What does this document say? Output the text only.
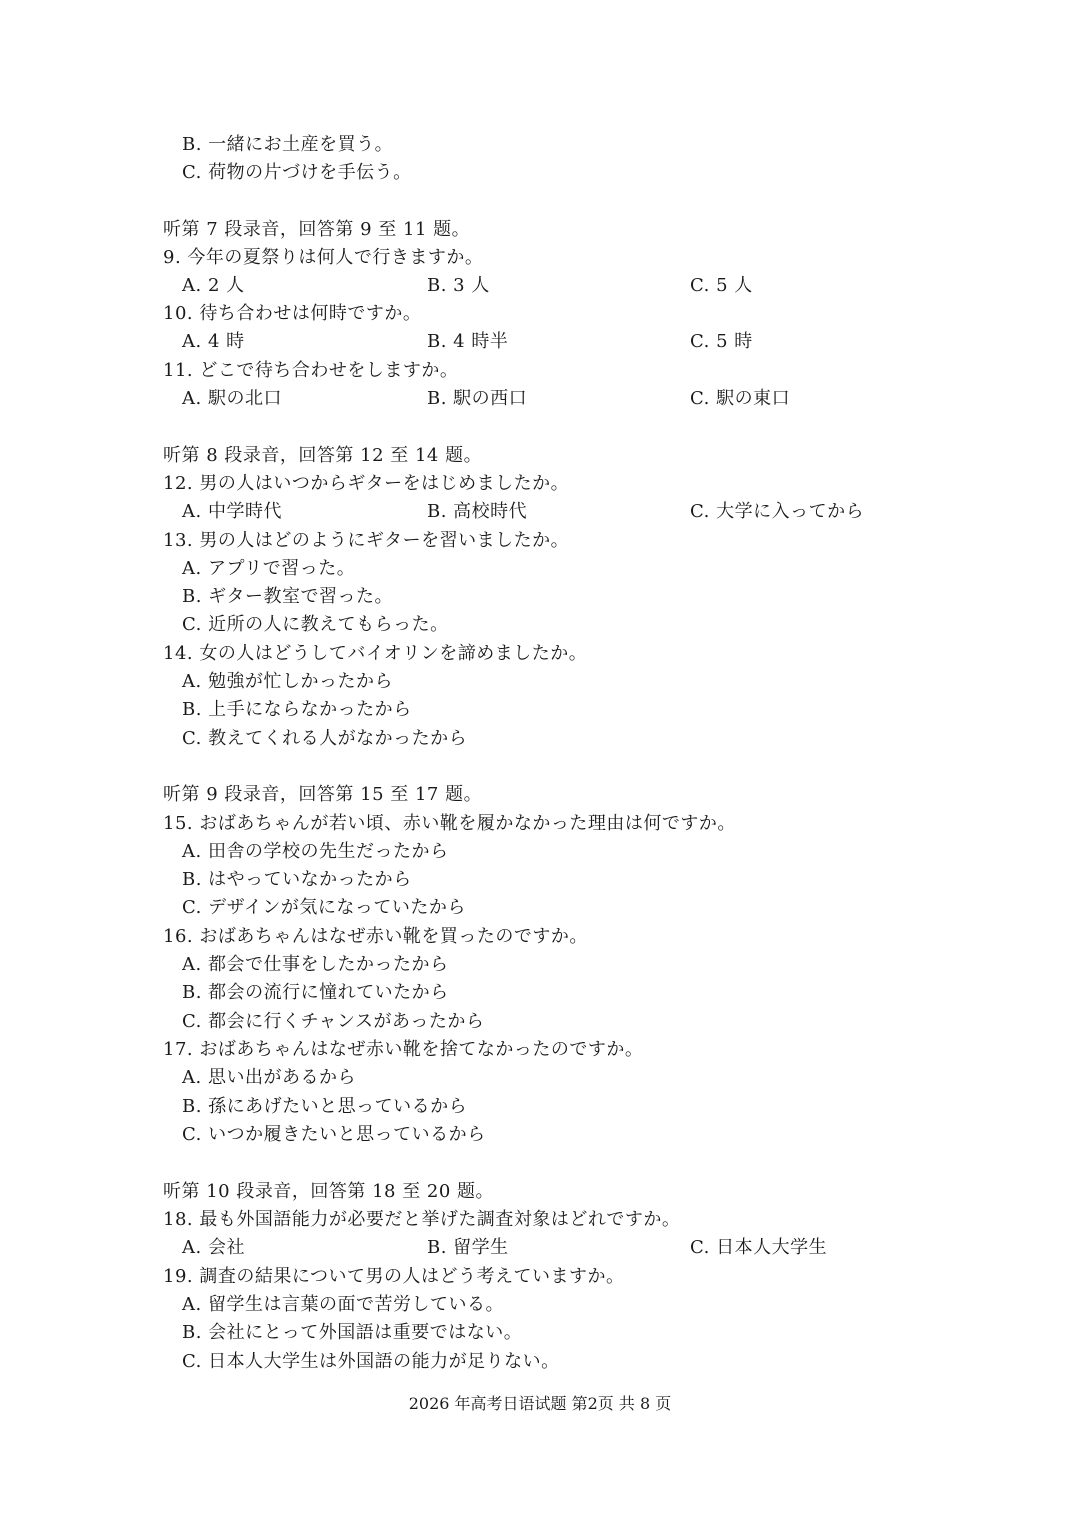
B. 一緒にお土産を買う。
C. 荷物の片づけを手伝う。
听第 7 段录音，回答第 9 至 11 题。
9. 今年の夏祭りは何人で行きますか。
A. 2 人	B. 3 人	C. 5 人
10. 待ち合わせは何時ですか。
A. 4 時	B. 4 時半	C. 5 時
11. どこで待ち合わせをしますか。
A. 駅の北口	B. 駅の西口	C. 駅の東口
听第 8 段录音，回答第 12 至 14 题。
12. 男の人はいつからギターをはじめましたか。
A. 中学時代	B. 高校時代	C. 大学に入ってから
13. 男の人はどのようにギターを習いましたか。
A. アプリで習った。
B. ギター教室で習った。
C. 近所の人に教えてもらった。
14. 女の人はどうしてバイオリンを諦めましたか。
A. 勉強が忙しかったから
B. 上手にならなかったから
C. 教えてくれる人がなかったから
听第 9 段录音，回答第 15 至 17 题。
15. おばあちゃんが若い頃、赤い靴を履かなかった理由は何ですか。
A. 田舎の学校の先生だったから
B. はやっていなかったから
C. デザインが気になっていたから
16. おばあちゃんはなぜ赤い靴を買ったのですか。
A. 都会で仕事をしたかったから
B. 都会の流行に憧れていたから
C. 都会に行くチャンスがあったから
17. おばあちゃんはなぜ赤い靴を捨てなかったのですか。
A. 思い出があるから
B. 孫にあげたいと思っているから
C. いつか履きたいと思っているから
听第 10 段录音，回答第 18 至 20 题。
18. 最も外国語能力が必要だと挙げた調査対象はどれですか。
A. 会社	B. 留学生	C. 日本人大学生
19. 調査の結果について男の人はどう考えていますか。
A. 留学生は言葉の面で苦労している。
B. 会社にとって外国語は重要ではない。
C. 日本人大学生は外国語の能力が足りない。
2026 年高考日语试题 第2页 共 8 页
